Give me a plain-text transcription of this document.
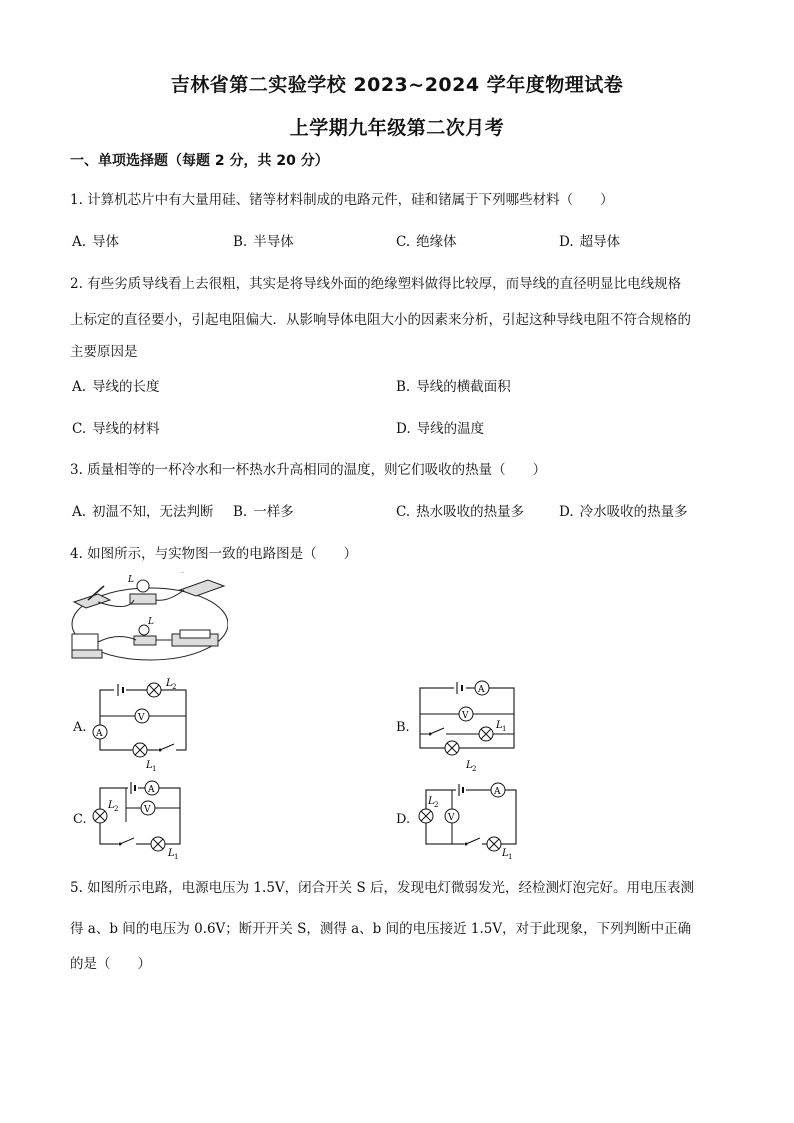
吉林省第二实验学校 2023~2024 学年度物理试卷
上学期九年级第二次月考
一、单项选择题（每题 2 分，共 20 分）
1. 计算机芯片中有大量用硅、锗等材料制成的电路元件，硅和锗属于下列哪些材料（　　）
A. 导体	B. 半导体	C. 绝缘体	D. 超导体
2. 有些劣质导线看上去很粗，其实是将导线外面的绝缘塑料做得比较厚，而导线的直径明显比电线规格
上标定的直径要小，引起电阻偏大．从影响导体电阻大小的因素来分析，引起这种导线电阻不符合规格的
主要原因是
A. 导线的长度	B. 导线的横截面积
C. 导线的材料	D. 导线的温度
3. 质量相等的一杯冷水和一杯热水升高相同的温度，则它们吸收的热量（　　）
A. 初温不知，无法判断 B. 一样多	C. 热水吸收的热量多	D. 冷水吸收的热量多
4. 如图所示，与实物图一致的电路图是（　　）
L
L
A.
L 2
V
A
L 1
B.
A
V
L 1
L 2
C.
A
V
L 2
L 1
D.
A
L 2
V
L 1
5. 如图所示电路，电源电压为 1.5V，闭合开关 S 后，发现电灯微弱发光，经检测灯泡完好。用电压表测
得 a、b 间的电压为 0.6V；断开开关 S，测得 a、b 间的电压接近 1.5V，对于此现象，下列判断中正确
的是（　　）
